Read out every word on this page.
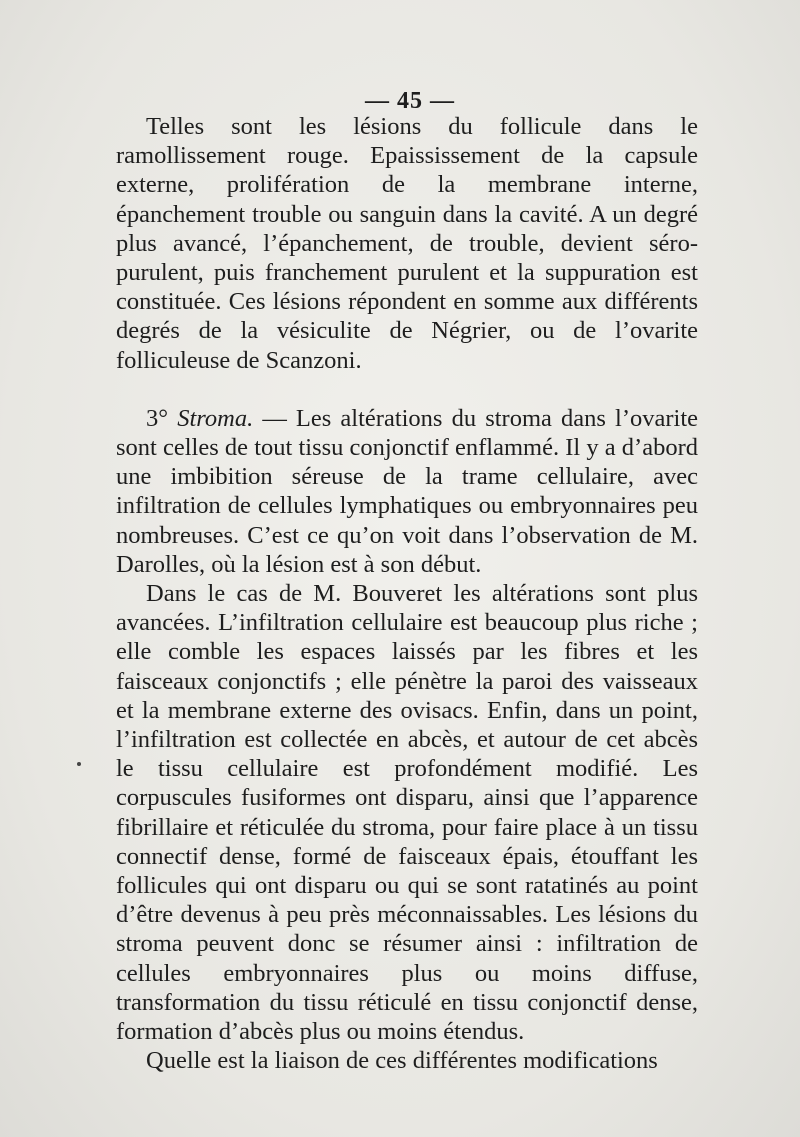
— 45 —

Telles sont les lésions du follicule dans le ramollissement rouge. Epaississement de la capsule externe, prolifération de la membrane interne, épanchement trouble ou sanguin dans la cavité. A un degré plus avancé, l’épanchement, de trouble, devient séro-purulent, puis franchement purulent et la suppuration est constituée. Ces lésions répondent en somme aux différents degrés de la vésiculite de Négrier, ou de l’ovarite folliculeuse de Scanzoni.

3° Stroma. — Les altérations du stroma dans l’ovarite sont celles de tout tissu conjonctif enflammé. Il y a d’abord une imbibition séreuse de la trame cellulaire, avec infiltration de cellules lymphatiques ou embryonnaires peu nombreuses. C’est ce qu’on voit dans l’observation de M. Darolles, où la lésion est à son début.

Dans le cas de M. Bouveret les altérations sont plus avancées. L’infiltration cellulaire est beaucoup plus riche ; elle comble les espaces laissés par les fibres et les faisceaux conjonctifs ; elle pénètre la paroi des vaisseaux et la membrane externe des ovisacs. Enfin, dans un point, l’infiltration est collectée en abcès, et autour de cet abcès le tissu cellulaire est profondément modifié. Les corpuscules fusiformes ont disparu, ainsi que l’apparence fibrillaire et réticulée du stroma, pour faire place à un tissu connectif dense, formé de faisceaux épais, étouffant les follicules qui ont disparu ou qui se sont ratatinés au point d’être devenus à peu près méconnaissables. Les lésions du stroma peuvent donc se résumer ainsi : infiltration de cellules embryonnaires plus ou moins diffuse, transformation du tissu réticulé en tissu conjonctif dense, formation d’abcès plus ou moins étendus.

Quelle est la liaison de ces différentes modifications
